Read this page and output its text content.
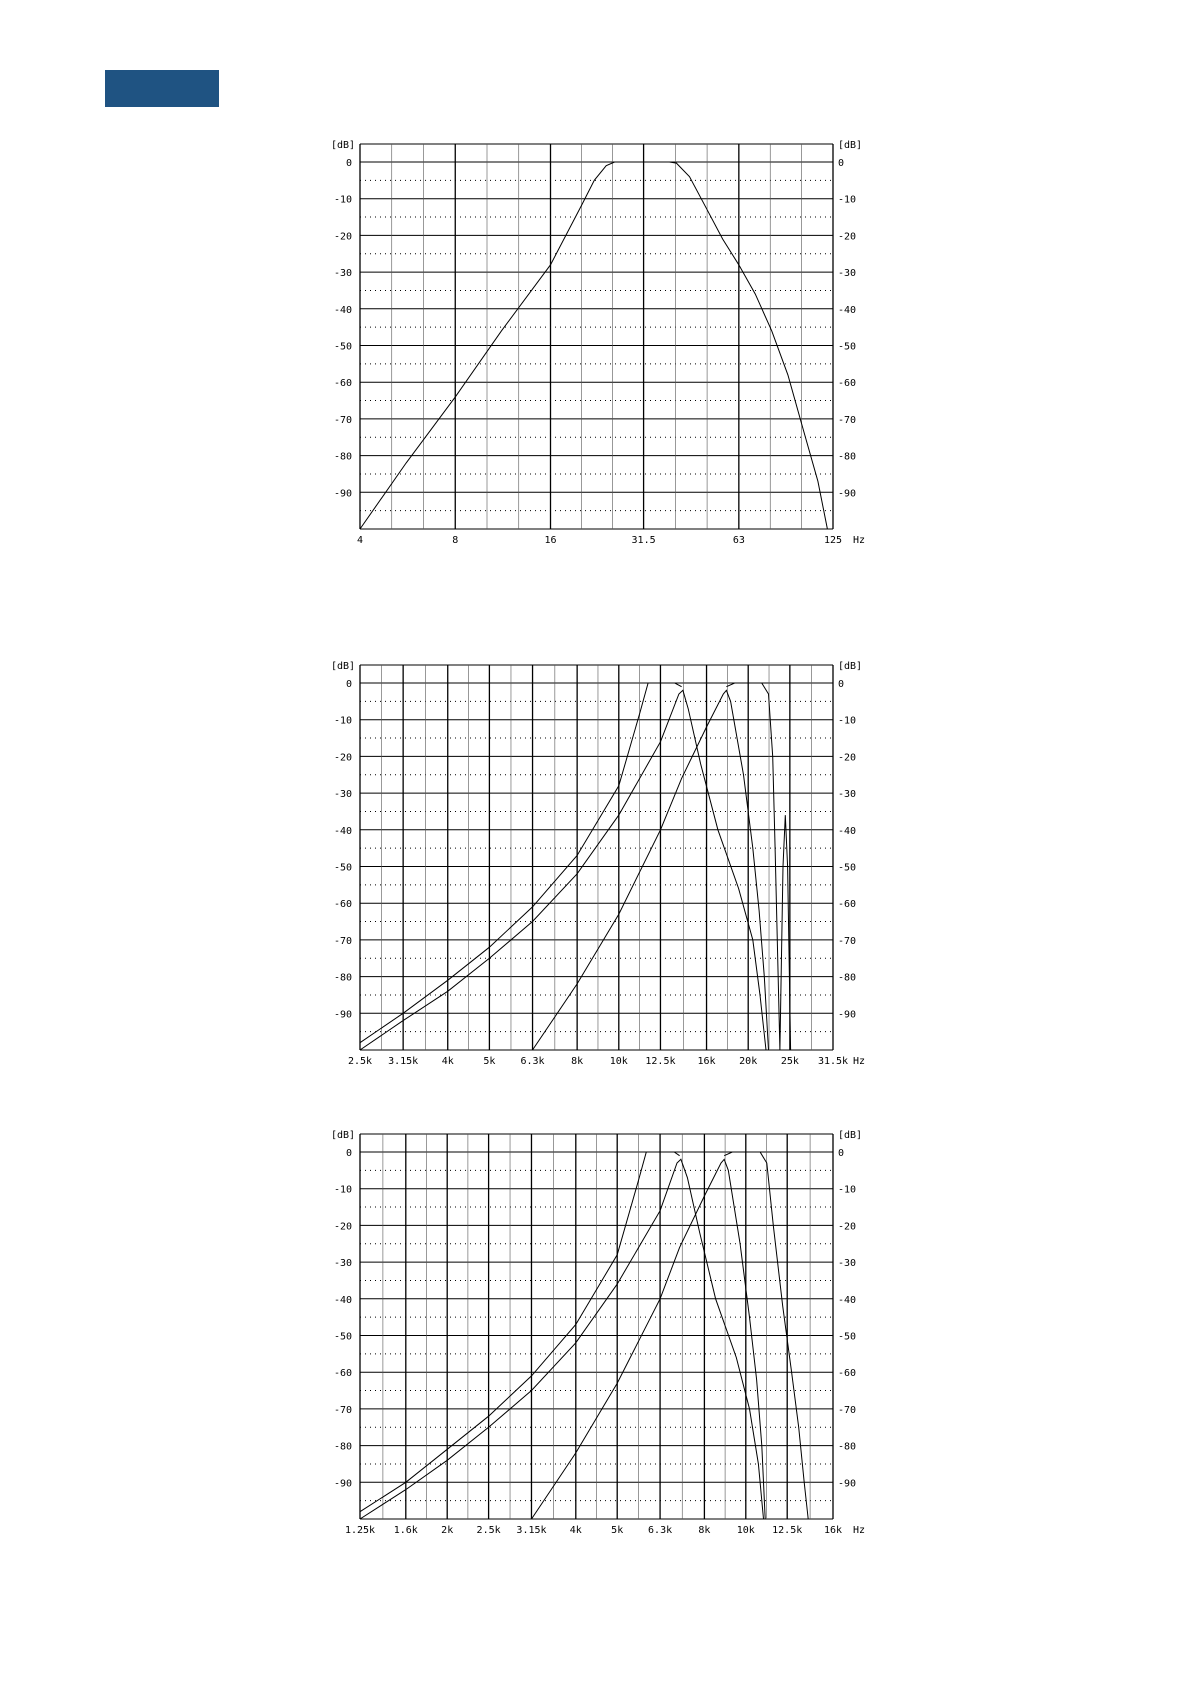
[dB]	[dB]
0	0
-10	-10
-20	-20
-30	-30
-40	-40
-50	-50
-60	-60
-70	-70
-80	-80
-90	-90
4	8	16	31.5	63	125 Hz
[dB]	[dB]
0	0
-10	-10
-20	-20
-30	-30
-40	-40
-50	-50
-60	-60
-70	-70
-80	-80
-90	-90
2.5k 3.15k 4k	5k	6.3k	8k	10k 12.5k 16k 20k 25k 31.5k Hz
[dB]	[dB]
0	0
-10	-10
-20	-20
-30	-30
-40	-40
-50	-50
-60	-60
-70	-70
-80	-80
-90	-90
1.25k 1.6k 2k 2.5k 3.15k 4k	5k 6.3k	8k	10k 12.5k 16k Hz
